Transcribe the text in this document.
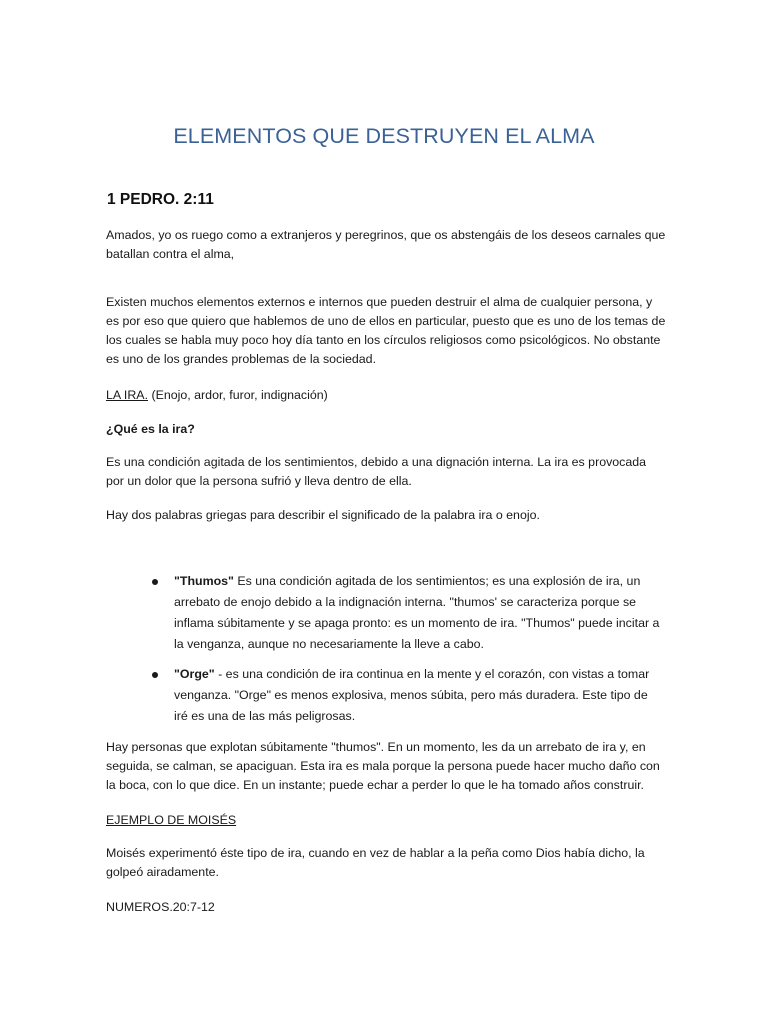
ELEMENTOS QUE DESTRUYEN EL ALMA
1 PEDRO. 2:11

Amados, yo os ruego como a extranjeros y peregrinos, que os abstengáis de los deseos carnales que batallan contra el alma,

Existen muchos elementos externos e internos que pueden destruir el alma de cualquier persona, y es por eso que quiero que hablemos de uno de ellos en particular, puesto que es uno de los temas de los cuales se habla muy poco hoy día tanto en los círculos religiosos como psicológicos. No obstante es uno de los grandes problemas de la sociedad.

LA IRA. (Enojo, ardor, furor, indignación)

¿Qué es la ira?

Es una condición agitada de los sentimientos, debido a una dignación interna. La ira es provocada por un dolor que la persona sufrió y lleva dentro de ella.

Hay dos palabras griegas para describir el significado de la palabra ira o enojo.

"Thumos" Es una condición agitada de los sentimientos; es una explosión de ira, un arrebato de enojo debido a la indignación interna. "thumos' se caracteriza porque se inflama súbitamente y se apaga pronto: es un momento de ira. "Thumos" puede incitar a la venganza, aunque no necesariamente la lleve a cabo.
"Orge" - es una condición de ira continua en la mente y el corazón, con vistas a tomar venganza. "Orge" es menos explosiva, menos súbita, pero más duradera. Este tipo de iré es una de las más peligrosas.

Hay personas que explotan súbitamente "thumos". En un momento, les da un arrebato de ira y, en seguida, se calman, se apaciguan. Esta ira es mala porque la persona puede hacer mucho daño con la boca, con lo que dice. En un instante; puede echar a perder lo que le ha tomado años construir.

EJEMPLO DE MOISÉS

Moisés experimentó éste tipo de ira, cuando en vez de hablar a la peña como Dios había dicho, la golpeó airadamente.

NUMEROS.20:7-12
